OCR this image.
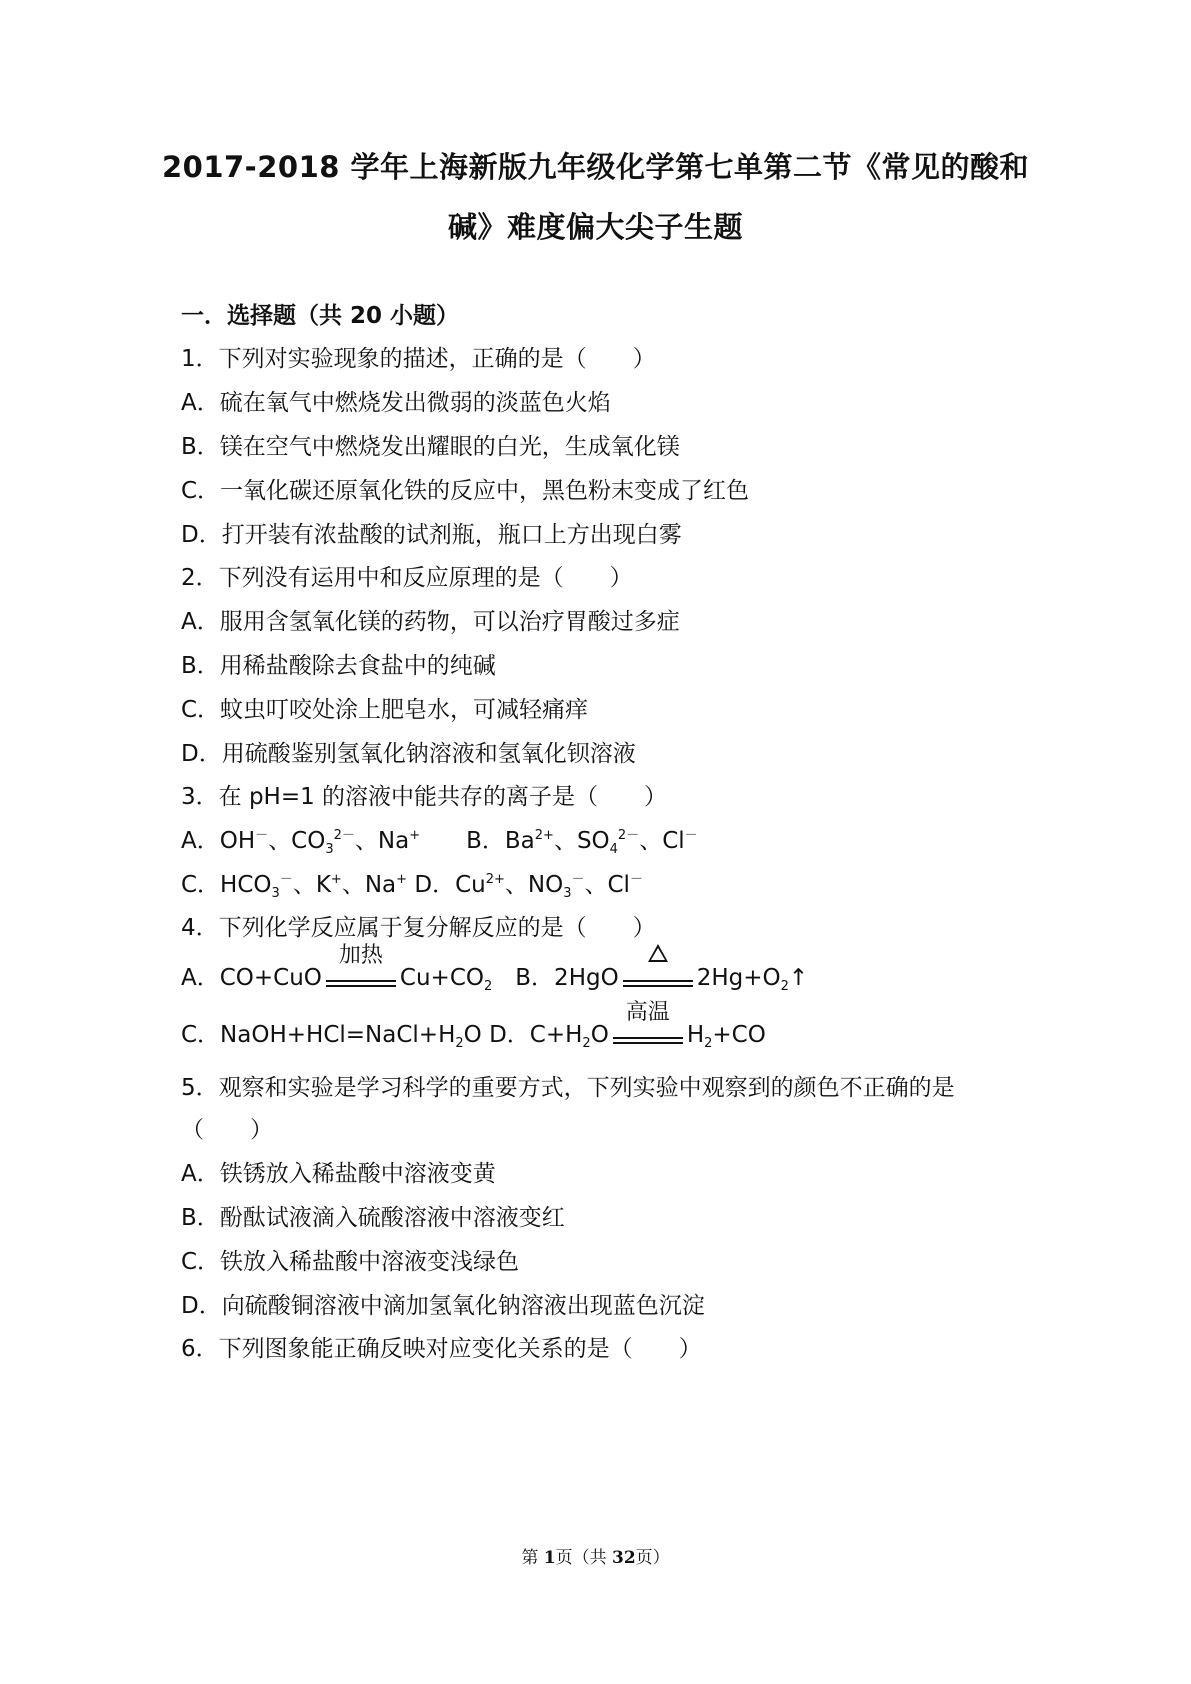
2017-2018 学年上海新版九年级化学第七单第二节《常见的酸和
碱》难度偏大尖子生题
一．选择题（共 20 小题）
1．下列对实验现象的描述，正确的是（　　）
A．硫在氧气中燃烧发出微弱的淡蓝色火焰
B．镁在空气中燃烧发出耀眼的白光，生成氧化镁
C．一氧化碳还原氧化铁的反应中，黑色粉末变成了红色
D．打开装有浓盐酸的试剂瓶，瓶口上方出现白雾
2．下列没有运用中和反应原理的是（　　）
A．服用含氢氧化镁的药物，可以治疗胃酸过多症
B．用稀盐酸除去食盐中的纯碱
C．蚊虫叮咬处涂上肥皂水，可减轻痛痒
D．用硫酸鉴别氢氧化钠溶液和氢氧化钡溶液
3．在 pH=1 的溶液中能共存的离子是（　　）
A．OH－、$CO_3^{2-}$、Na+　　B．$Ba^{2+}$、$SO_4^{2-}$、Cl－
C．$HCO_3^-$、K+、Na+ D．$Cu^{2+}$、$NO_3^-$、Cl－
4．下列化学反应属于复分解反应的是（　　）
A．CO+CuO
加热
$Cu+CO_2$　B．2HgO	$2Hg+O_2↑$
C．$NaOH+HCl=NaCl+H_2O$ D．$C+H_2O$
高温
$H_2+CO$
5．观察和实验是学习科学的重要方式，下列实验中观察到的颜色不正确的是
（　　）
A．铁锈放入稀盐酸中溶液变黄
B．酚酞试液滴入硫酸溶液中溶液变红
C．铁放入稀盐酸中溶液变浅绿色
D．向硫酸铜溶液中滴加氢氧化钠溶液出现蓝色沉淀
6．下列图象能正确反映对应变化关系的是（　　）
第 1页（共 32页）
